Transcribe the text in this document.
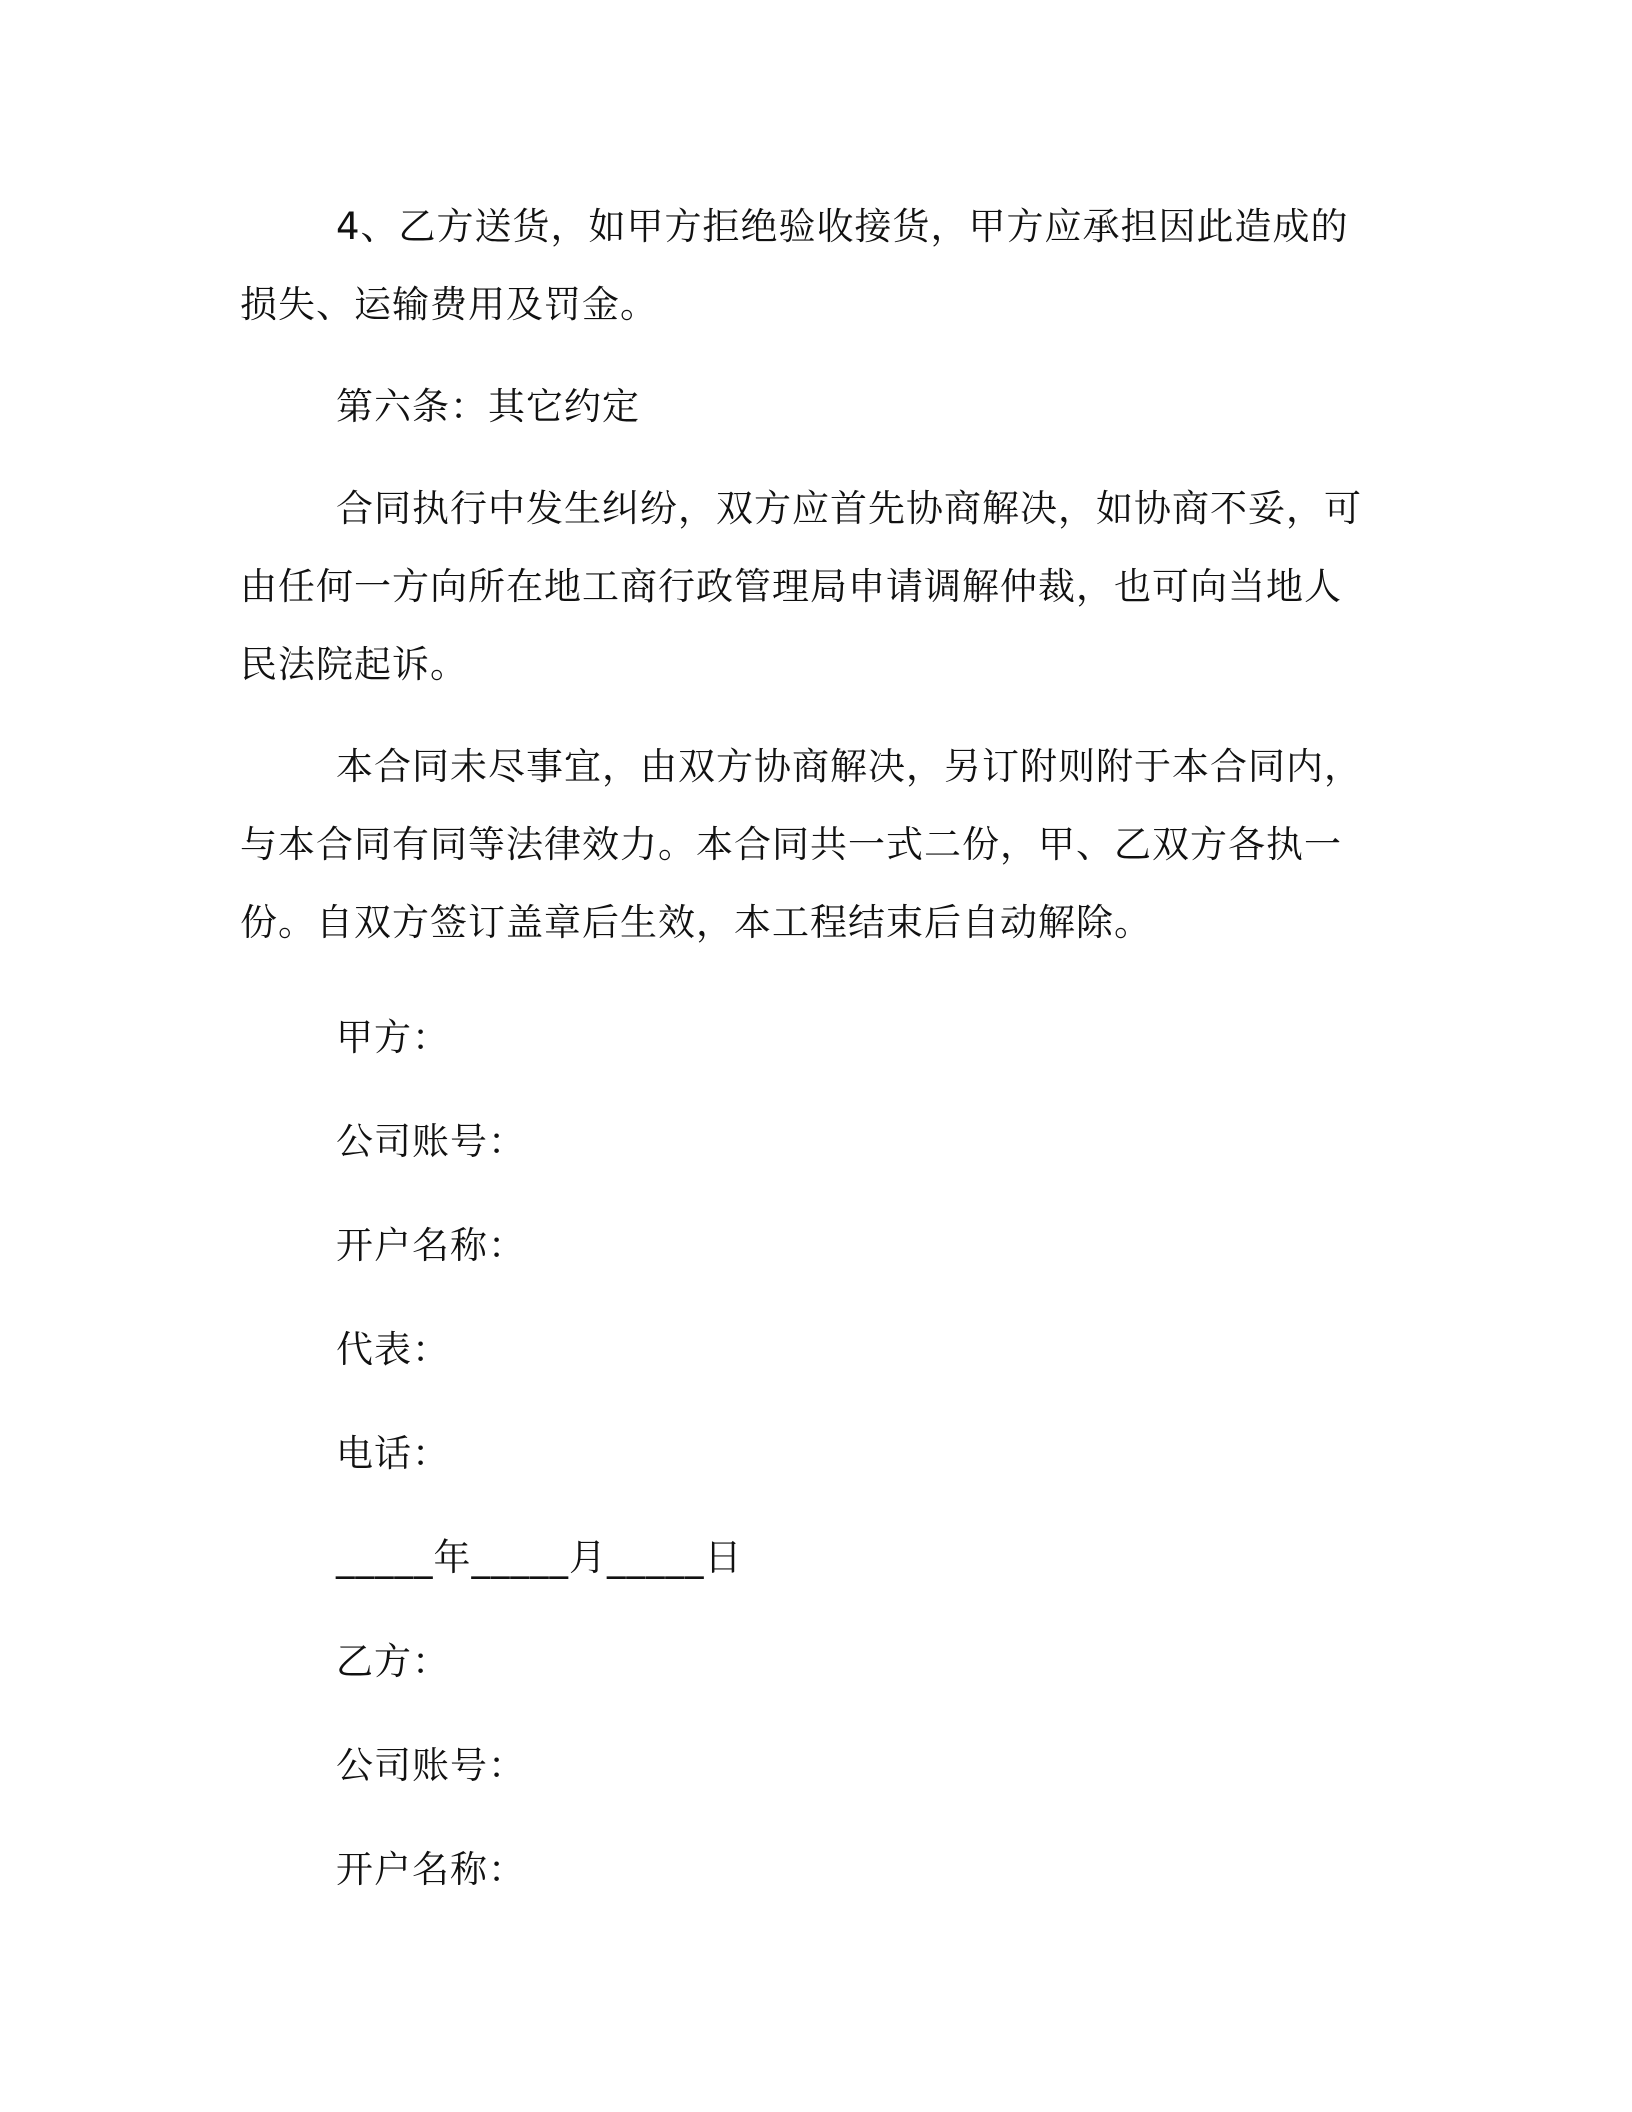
4、乙方送货，如甲方拒绝验收接货，甲方应承担因此造成的损失、运输费用及罚金。

第六条：其它约定

合同执行中发生纠纷，双方应首先协商解决，如协商不妥，可由任何一方向所在地工商行政管理局申请调解仲裁，也可向当地人民法院起诉。

本合同未尽事宜，由双方协商解决，另订附则附于本合同内，与本合同有同等法律效力。本合同共一式二份，甲、乙双方各执一份。自双方签订盖章后生效，本工程结束后自动解除。

甲方：

公司账号：

开户名称：

代表：

电话：

_____年_____月_____日

乙方：

公司账号：

开户名称：
